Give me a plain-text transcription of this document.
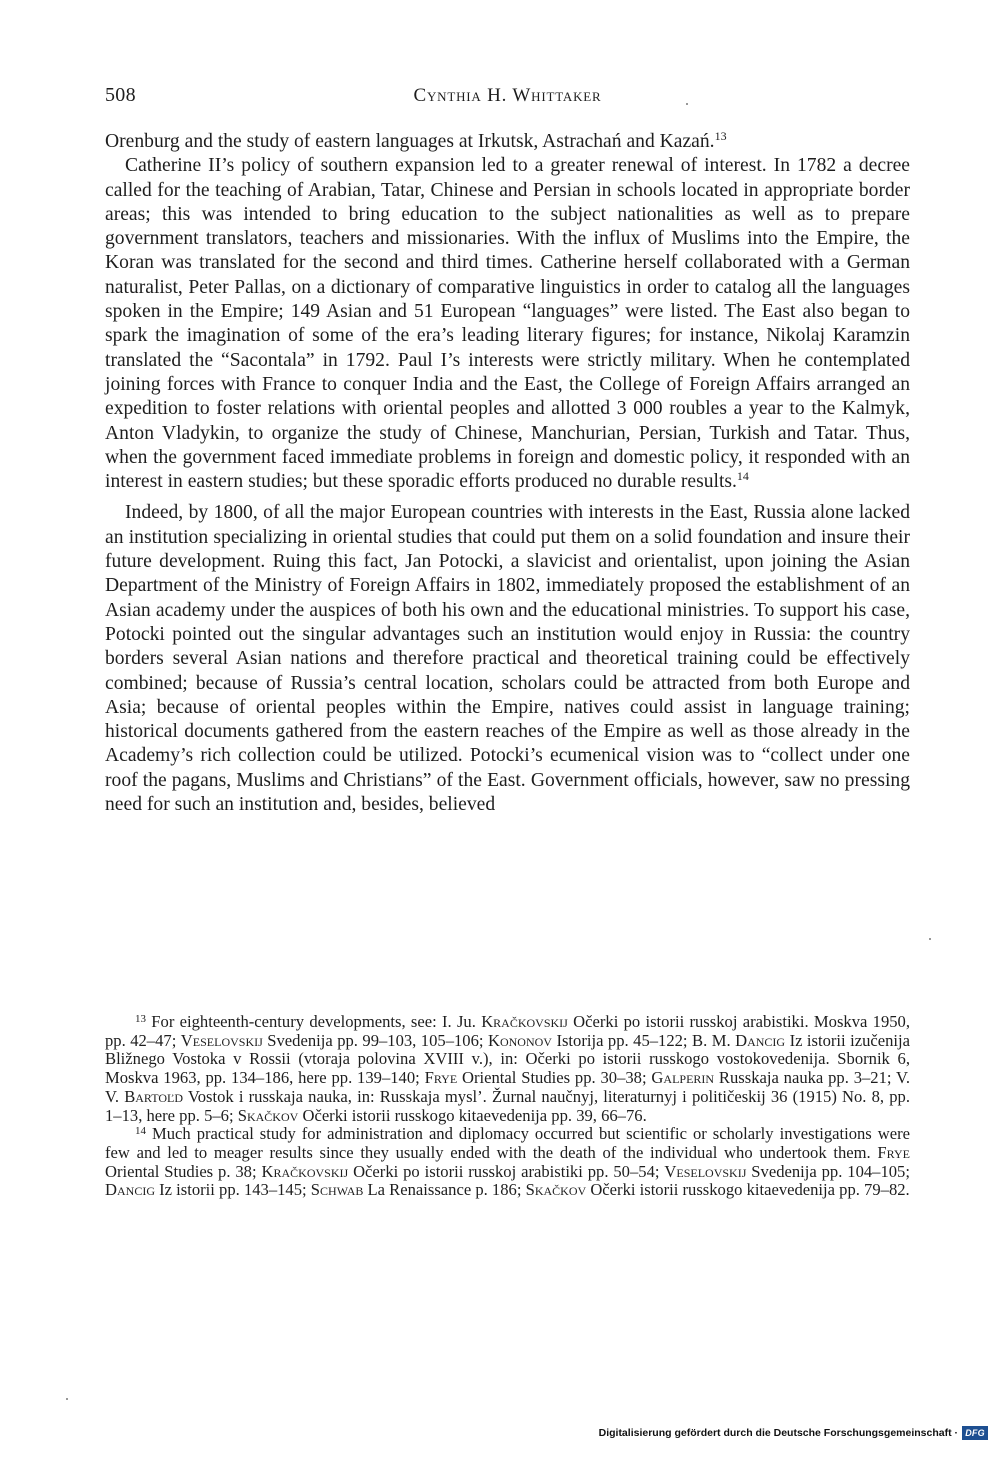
508	Cynthia H. Whittaker

Orenburg and the study of eastern languages at Irkutsk, Astrachań and Kazań.$^{13}$

Catherine II’s policy of southern expansion led to a greater renewal of interest. In 1782 a decree called for the teaching of Arabian, Tatar, Chinese and Persian in schools located in appropriate border areas; this was intended to bring education to the subject nationalities as well as to prepare government translators, teachers and missionaries. With the influx of Muslims into the Empire, the Koran was translated for the second and third times. Catherine herself collaborated with a German naturalist, Peter Pallas, on a dictionary of comparative linguistics in order to catalog all the languages spoken in the Empire; 149 Asian and 51 European “languages” were listed. The East also began to spark the imagination of some of the era’s leading literary figures; for instance, Nikolaj Karamzin translated the “Sacontala” in 1792. Paul I’s interests were strictly military. When he contemplated joining forces with France to conquer India and the East, the College of Foreign Affairs arranged an expedition to foster relations with oriental peoples and allotted 3 000 roubles a year to the Kalmyk, Anton Vladykin, to organize the study of Chinese, Manchurian, Persian, Turkish and Tatar. Thus, when the government faced immediate problems in foreign and domestic policy, it responded with an interest in eastern studies; but these sporadic efforts produced no durable results.$^{14}$

Indeed, by 1800, of all the major European countries with interests in the East, Russia alone lacked an institution specializing in oriental studies that could put them on a solid foundation and insure their future development. Ruing this fact, Jan Potocki, a slavicist and orientalist, upon joining the Asian Department of the Ministry of Foreign Affairs in 1802, immediately proposed the establishment of an Asian academy under the auspices of both his own and the educational ministries. To support his case, Potocki pointed out the singular advantages such an institution would enjoy in Russia: the country borders several Asian nations and therefore practical and theoretical training could be effectively combined; because of Russia’s central location, scholars could be attracted from both Europe and Asia; because of oriental peoples within the Empire, natives could assist in language training; historical documents gathered from the eastern reaches of the Empire as well as those already in the Academy’s rich collection could be utilized. Potocki’s ecumenical vision was to “collect under one roof the pagans, Muslims and Christians” of the East. Government officials, however, saw no pressing need for such an institution and, besides, believed

$^{13}$ For eighteenth-century developments, see: I. Ju. Kračkovskij Očerki po istorii russkoj arabistiki. Moskva 1950, pp. 42–47; Veselovskij Svedenija pp. 99–103, 105–106; Kononov Istorija pp. 45–122; B. M. Dancig Iz istorii izučenija Bližnego Vostoka v Rossii (vtoraja polovina XVIII v.), in: Očerki po istorii russkogo vostokovedenija. Sbornik 6, Moskva 1963, pp. 134–186, here pp. 139–140; Frye Oriental Studies pp. 30–38; Galperin Russkaja nauka pp. 3–21; V. V. Bartoľd Vostok i russkaja nauka, in: Russkaja mysl’. Žurnal naučnyj, literaturnyj i političeskij 36 (1915) No. 8, pp. 1–13, here pp. 5–6; Skačkov Očerki istorii russkogo kitaevedenija pp. 39, 66–76.

$^{14}$ Much practical study for administration and diplomacy occurred but scientific or scholarly investigations were few and led to meager results since they usually ended with the death of the individual who undertook them. Frye Oriental Studies p. 38; Kračkovskij Očerki po istorii russkoj arabistiki pp. 50–54; Veselovskij Svedenija pp. 104–105; Dancig Iz istorii pp. 143–145; Schwab La Renaissance p. 186; Skačkov Očerki istorii russkogo kitaevedenija pp. 79–82.

Digitalisierung gefördert durch die Deutsche Forschungsgemeinschaft · DFG
